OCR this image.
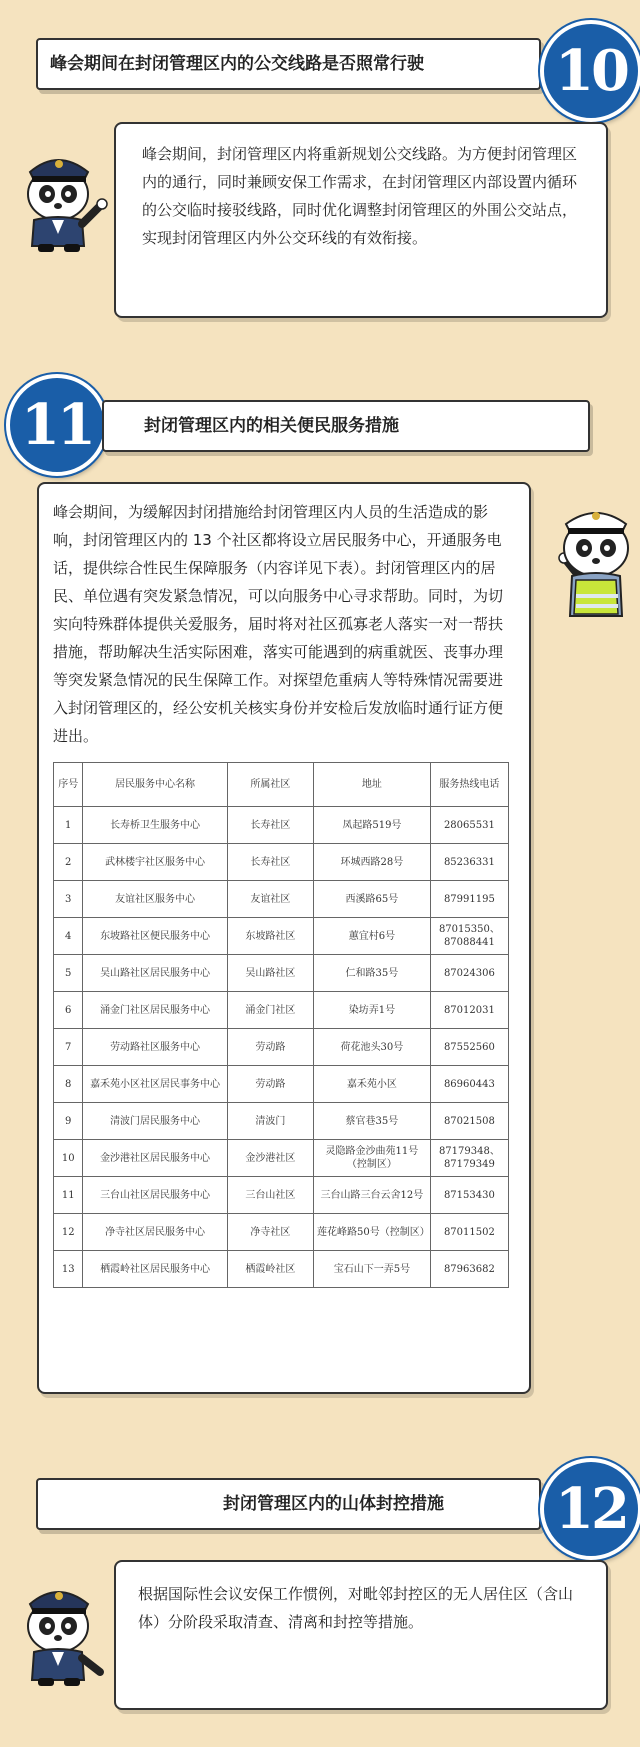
峰会期间在封闭管理区内的公交线路是否照常行驶 10

峰会期间，封闭管理区内将重新规划公交线路。为方便封闭管理区内的通行，同时兼顾安保工作需求，在封闭管理区内部设置内循环的公交临时接驳线路，同时优化调整封闭管理区的外围公交站点，实现封闭管理区内外公交环线的有效衔接。

11	封闭管理区内的相关便民服务措施

峰会期间，为缓解因封闭措施给封闭管理区内人员的生活造成的影响，封闭管理区内的 13 个社区都将设立居民服务中心，开通服务电话，提供综合性民生保障服务（内容详见下表）。封闭管理区内的居民、单位遇有突发紧急情况，可以向服务中心寻求帮助。同时，为切实向特殊群体提供关爱服务，届时将对社区孤寡老人落实一对一帮扶措施，帮助解决生活实际困难，落实可能遇到的病重就医、丧事办理等突发紧急情况的民生保障工作。对探望危重病人等特殊情况需要进入封闭管理区的，经公安机关核实身份并安检后发放临时通行证方便进出。

序号	居民服务中心名称	所属社区	地址	服务热线电话
1	长寿桥卫生服务中心	长寿社区	凤起路519号	28065531
2	武林楼宇社区服务中心	长寿社区	环城西路28号	85236331
3	友谊社区服务中心	友谊社区	西溪路65号	87991195
4	东坡路社区便民服务中心	东坡路社区	蕙宜村6号	87015350、87088441
5	吴山路社区居民服务中心	吴山路社区	仁和路35号	87024306
6	涌金门社区居民服务中心	涌金门社区	染坊弄1号	87012031
7	劳动路社区服务中心	劳动路	荷花池头30号	87552560
8	嘉禾苑小区社区居民事务中心	劳动路	嘉禾苑小区	86960443
9	清波门居民服务中心	清波门	蔡官巷35号	87021508
10	金沙港社区居民服务中心	金沙港社区	灵隐路金沙曲苑11号（控制区）	87179348、87179349
11	三台山社区居民服务中心	三台山社区	三台山路三台云舍12号	87153430
12	净寺社区居民服务中心	净寺社区	莲花峰路50号（控制区）	87011502
13	栖霞岭社区居民服务中心	栖霞岭社区	宝石山下一弄5号	87963682
封闭管理区内的山体封控措施 12

根据国际性会议安保工作惯例，对毗邻封控区的无人居住区（含山体）分阶段采取清查、清离和封控等措施。
